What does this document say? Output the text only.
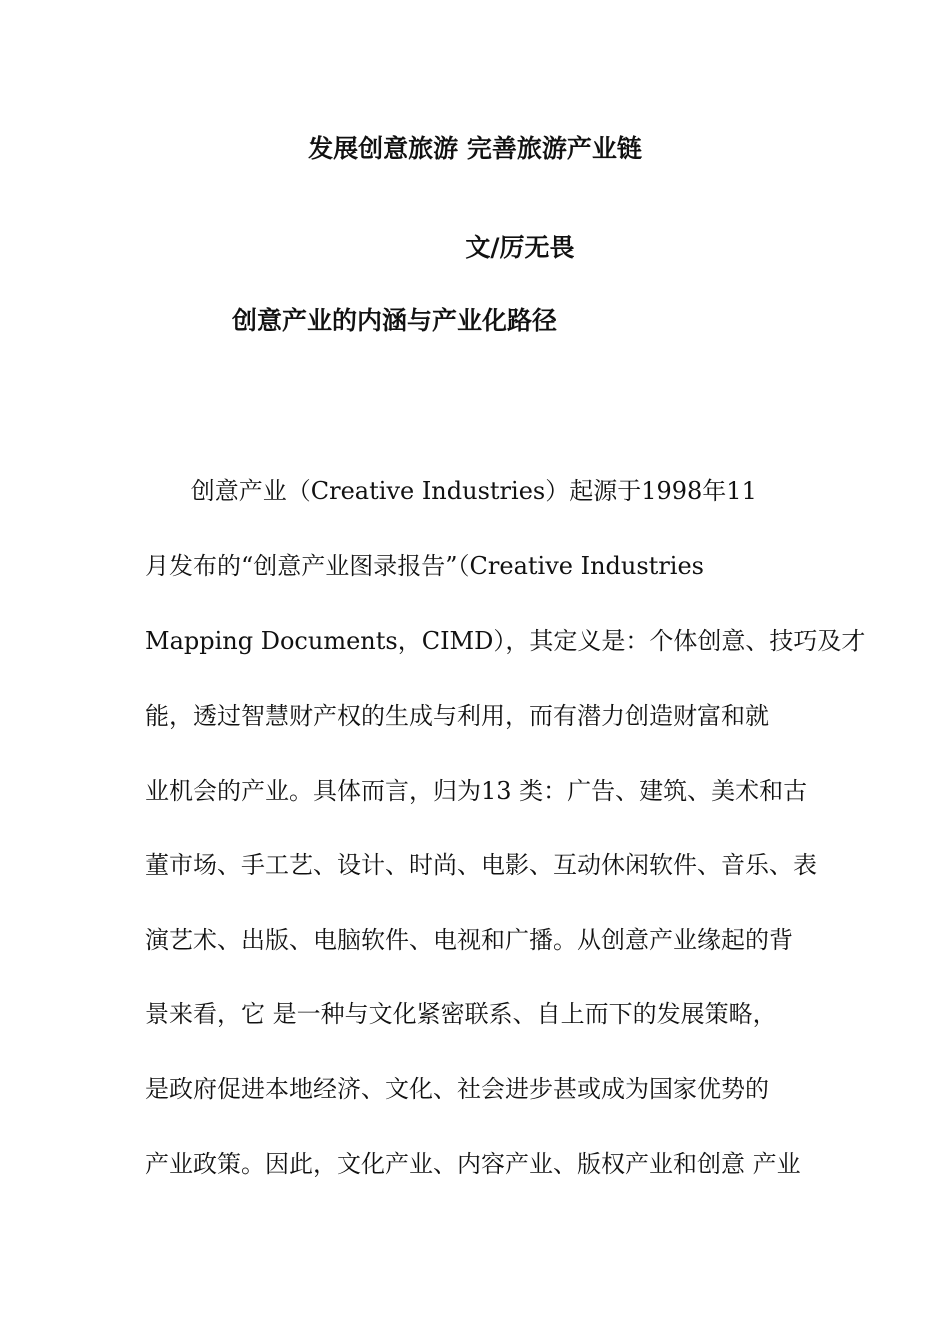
发展创意旅游 完善旅游产业链
文/厉无畏
创意产业的内涵与产业化路径

创意产业（Creative Industries）起源于1998年11

月发布的“创意产业图录报告”（Creative Industries

Mapping Documents，CIMD），其定义是：个体创意、技巧及才

能，透过智慧财产权的生成与利用，而有潜力创造财富和就

业机会的产业。具体而言，归为13 类：广告、建筑、美术和古

董市场、手工艺、设计、时尚、电影、互动休闲软件、音乐、表

演艺术、出版、电脑软件、电视和广播。从创意产业缘起的背

景来看，它 是一种与文化紧密联系、自上而下的发展策略，

是政府促进本地经济、文化、社会进步甚或成为国家优势的

产业政策。因此，文化产业、内容产业、版权产业和创意 产业
